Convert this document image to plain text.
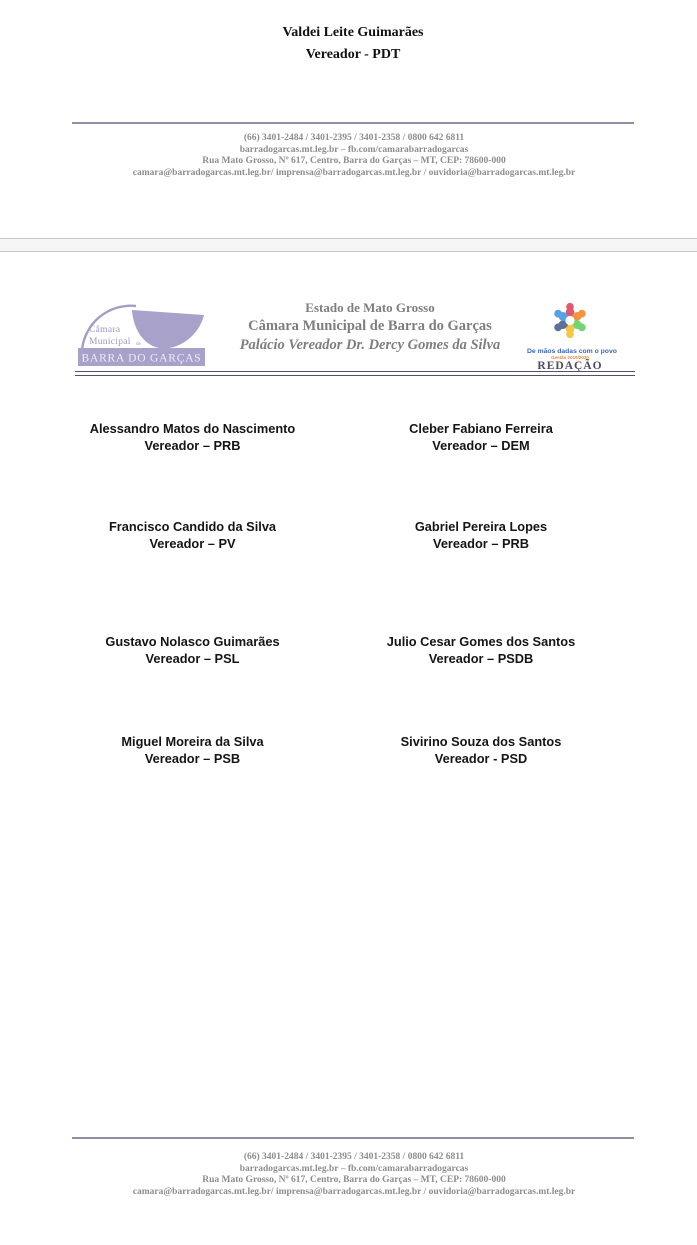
Valdei Leite Guimarães
Vereador - PDT
(66) 3401-2484 / 3401-2395 / 3401-2358 / 0800 642 6811
barradogarcas.mt.leg.br – fb.com/camarabarradogarcas
Rua Mato Grosso, Nº 617, Centro, Barra do Garças – MT, CEP: 78600-000
camara@barradogarcas.mt.leg.br/ imprensa@barradogarcas.mt.leg.br / ouvidoria@barradogarcas.mt.leg.br
Câmara
Municipal de
BARRA DO GARÇAS
Estado de Mato Grosso
Câmara Municipal de Barra do Garças
Palácio Vereador Dr. Dercy Gomes da Silva	De mãos dadas com o povo
Gestão 2019/2020
REDAÇÃO
Alessandro Matos do Nascimento
Vereador – PRB
Cleber Fabiano Ferreira
Vereador – DEM
Francisco Candido da Silva
Vereador – PV
Gabriel Pereira Lopes
Vereador – PRB
Gustavo Nolasco Guimarães
Vereador – PSL
Julio Cesar Gomes dos Santos
Vereador – PSDB
Miguel Moreira da Silva
Vereador – PSB
Sivirino Souza dos Santos
Vereador - PSD
(66) 3401-2484 / 3401-2395 / 3401-2358 / 0800 642 6811
barradogarcas.mt.leg.br – fb.com/camarabarradogarcas
Rua Mato Grosso, Nº 617, Centro, Barra do Garças – MT, CEP: 78600-000
camara@barradogarcas.mt.leg.br/ imprensa@barradogarcas.mt.leg.br / ouvidoria@barradogarcas.mt.leg.br
